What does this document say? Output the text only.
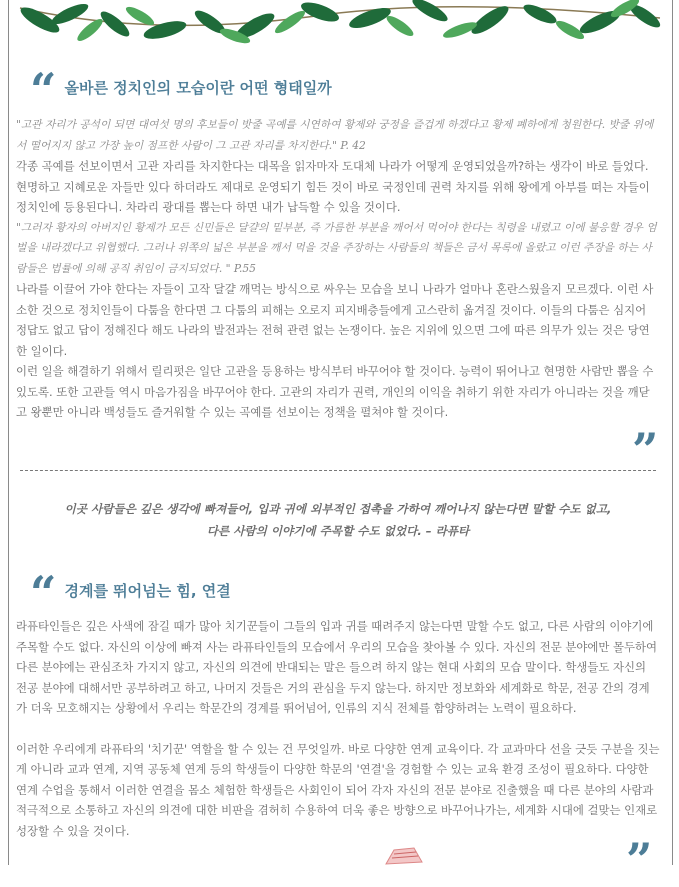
“ 올바른 정치인의 모습이란 어떤 형태일까

"고관 자리가 공석이 되면 대여섯 명의 후보들이 밧줄 곡예를 시연하여 황제와 궁정을 즐겁게 하겠다고 황제 폐하에게 청원한다. 밧줄 위에서 떨어지지 않고 가장 높이 점프한 사람이 그 고관 자리를 차지한다." P. 42

각종 곡예를 선보이면서 고관 자리를 차지한다는 대목을 읽자마자 도대체 나라가 어떻게 운영되었을까?하는 생각이 바로 들었다. 현명하고 지혜로운 자들만 있다 하더라도 제대로 운영되기 힘든 것이 바로 국정인데 권력 차지를 위해 왕에게 아부를 떠는 자들이 정치인에 등용된다니. 차라리 광대를 뽑는다 하면 내가 납득할 수 있을 것이다.

"그러자 황자의 아버지인 황제가 모든 신민들은 달걀의 밑부분, 즉 가름한 부분을 깨어서 먹어야 한다는 칙령을 내렸고 이에 불응할 경우 엄벌을 내라겠다고 위협했다. 그러나 위쪽의 넓은 부분을 깨서 먹을 것을 주장하는 사람들의 책들은 금서 목록에 올랐고 이런 주장을 하는 사람들은 법률에 의해 공직 취임이 금지되었다. " P.55

나라를 이끌어 가야 한다는 자들이 고작 달걀 깨먹는 방식으로 싸우는 모습을 보니 나라가 얼마나 혼란스웠을지 모르겠다. 이런 사소한 것으로 정치인들이 다툼을 한다면 그 다툼의 피해는 오로지 피지배층들에게 고스란히 옮겨질 것이다. 이들의 다툼은 심지어 정답도 없고 답이 정해진다 해도 나라의 발전과는 전혀 관련 없는 논쟁이다. 높은 지위에 있으면 그에 따른 의무가 있는 것은 당연한 일이다.

이런 일을 해결하기 위해서 릴리펏은 일단 고관을 등용하는 방식부터 바꾸어야 할 것이다. 능력이 뛰어나고 현명한 사람만 뽑을 수 있도록. 또한 고관들 역시 마음가짐을 바꾸어야 한다. 고관의 자리가 권력, 개인의 이익을 취하기 위한 자리가 아니라는 것을 깨닫고 왕뿐만 아니라 백성들도 즐거워할 수 있는 곡예를 선보이는 정책을 펼쳐야 할 것이다.

”
이곳 사람들은 깊은 생각에 빠져들어, 입과 귀에 외부적인 접촉을 가하여 깨어나지 않는다면 말할 수도 없고,
다른 사람의 이야기에 주목할 수도 없었다. – 라퓨타
“ 경계를 뛰어넘는 힘, 연결

라퓨타인들은 깊은 사색에 잠길 때가 많아 치기꾼들이 그들의 입과 귀를 때려주지 않는다면 말할 수도 없고, 다른 사람의 이야기에 주목할 수도 없다. 자신의 이상에 빠져 사는 라퓨타인들의 모습에서 우리의 모습을 찾아볼 수 있다. 자신의 전문 분야에만 몰두하여 다른 분야에는 관심조차 가지지 않고, 자신의 의견에 반대되는 말은 들으려 하지 않는 현대 사회의 모습 말이다. 학생들도 자신의 전공 분야에 대해서만 공부하려고 하고, 나머지 것들은 거의 관심을 두지 않는다. 하지만 정보화와 세계화로 학문, 전공 간의 경계가 더욱 모호해지는 상황에서 우리는 학문간의 경계를 뛰어넘어, 인류의 지식 전체를 함양하려는 노력이 필요하다.

이러한 우리에게 라퓨타의 '치기꾼' 역할을 할 수 있는 건 무엇일까. 바로 다양한 연계 교육이다. 각 교과마다 선을 긋듯 구분을 짓는 게 아니라 교과 연계, 지역 공동체 연계 등의 학생들이 다양한 학문의 '연결'을 경험할 수 있는 교육 환경 조성이 필요하다. 다양한 연계 수업을 통해서 이러한 연결을 몸소 체험한 학생들은 사회인이 되어 각자 자신의 전문 분야로 진출했을 때 다른 분야의 사람과 적극적으로 소통하고 자신의 의견에 대한 비판을 겸허히 수용하여 더욱 좋은 방향으로 바꾸어나가는, 세계화 시대에 걸맞는 인재로 성장할 수 있을 것이다.

”
